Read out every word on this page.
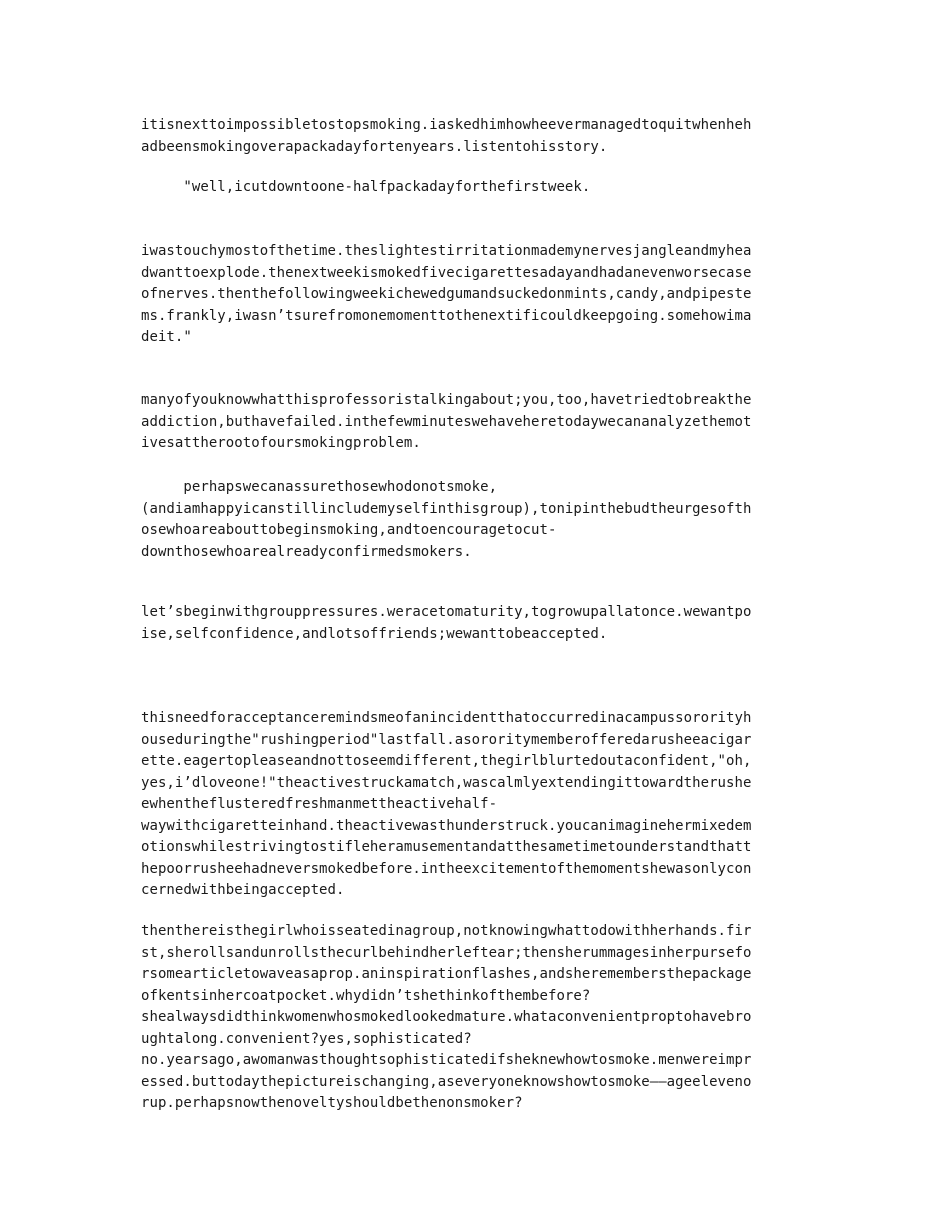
itisnexttoimpossibletostopsmoking.iaskedhimhowheevermanagedtoquitwhenheh
adbeensmokingoverapackadayfortenyears.listentohisstory.
"well,icutdowntoone-halfpackadayforthefirstweek.
iwastouchymostofthetime.theslightestirritationmademynervesjangleandmyhea
dwanttoexplode.thenextweekismokedfivecigarettesadayandhadanevenworsecase
ofnerves.thenthefollowingweekichewedgumandsuckedonmints,candy,andpipeste
ms.frankly,iwasn’tsurefromonemomenttothenextificouldkeepgoing.somehowima
deit."
manyofyouknowwhatthisprofessoristalkingabout;you,too,havetriedtobreakthe
addiction,buthavefailed.inthefewminuteswehaveheretodaywecananalyzethemot
ivesattherootofoursmokingproblem.
perhapswecanassurethosewhodonotsmoke,
(andiamhappyicanstillincludemyselfinthisgroup),tonipinthebudtheurgesofth
osewhoareabouttobeginsmoking,andtoencouragetocut-
downthosewhoarealreadyconfirmedsmokers.
let’sbeginwithgrouppressures.weracetomaturity,togrowupallatonce.wewantpo
ise,selfconfidence,andlotsoffriends;wewanttobeaccepted.
thisneedforacceptanceremindsmeofanincidentthatoccurredinacampussororityh
ouseduringthe"rushingperiod"lastfall.asororitymemberofferedarusheeacigar
ette.eagertopleaseandnottoseemdifferent,thegirlblurtedoutaconfident,"oh,
yes,i’dloveone!"theactivestruckamatch,wascalmlyextendingittowardtherushe
ewhentheflusteredfreshmanmettheactivehalf-
waywithcigaretteinhand.theactivewasthunderstruck.youcanimaginehermixedem
otionswhilestrivingtostifleheramusementandatthesametimetounderstandthatt
hepoorrusheehadneversmokedbefore.intheexcitementofthemomentshewasonlycon
cernedwithbeingaccepted.
thenthereisthegirlwhoisseatedinagroup,notknowingwhattodowithherhands.fir
st,sherollsandunrollsthecurlbehindherleftear;thensherummagesinherpursefo
rsomearticletowaveasaprop.aninspirationflashes,andsheremembersthepackage
ofkentsinhercoatpocket.whydidn’tshethinkofthembefore?
shealwaysdidthinkwomenwhosmokedlookedmature.whataconvenientproptohavebro
ughtalong.convenient?yes,sophisticated?
no.yearsago,awomanwasthoughtsophisticatedifsheknewhowtosmoke.menwereimpr
essed.buttodaythepictureischanging,aseveryoneknowshowtosmoke——ageeleveno
rup.perhapsnowthenoveltyshouldbethenonsmoker?
